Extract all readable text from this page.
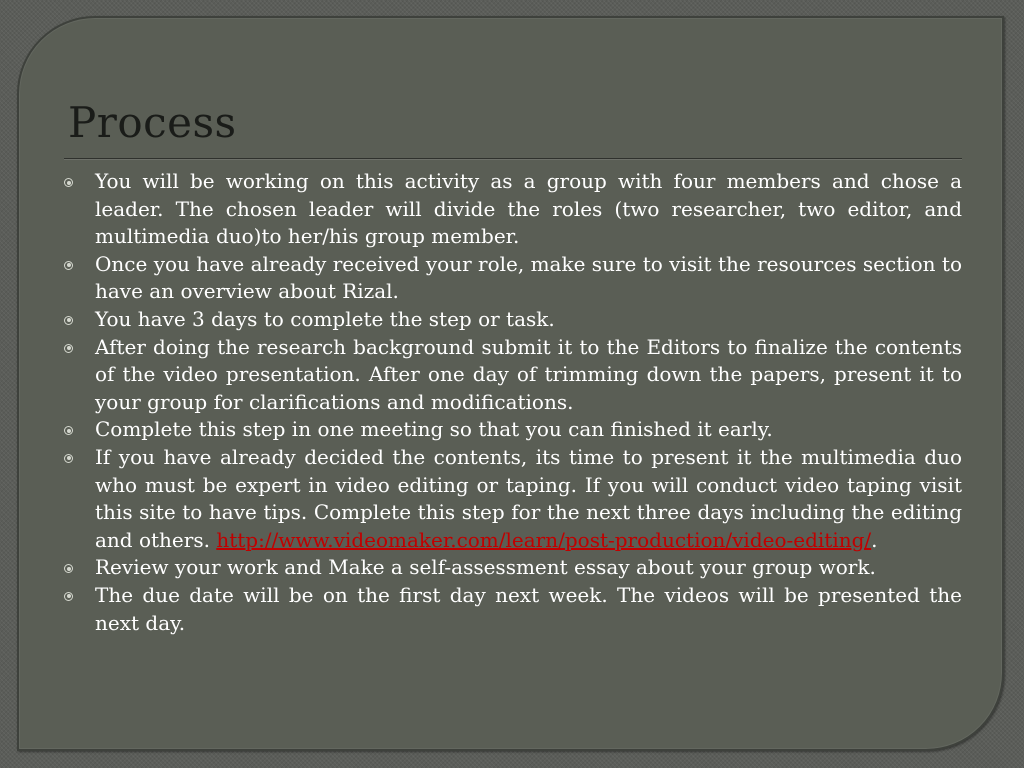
Process
You will be working on this activity as a group with four members and chose a leader. The chosen leader will divide the roles (two researcher, two editor, and multimedia duo)to her/his group member.
Once you have already received your role, make sure to visit the resources section to have an overview about Rizal.
You have 3 days to complete the step or task.
After doing the research background submit it to the Editors to finalize the contents of the video presentation. After one day of trimming down the papers, present it to your group for clarifications and modifications.
Complete this step in one meeting so that you can finished it early.
If you have already decided the contents, its time to present it the multimedia duo who must be expert in video editing or taping. If you will conduct video taping visit this site to have tips. Complete this step for the next three days including the editing and others. http://www.videomaker.com/learn/post-production/video-editing/.
Review your work and Make a self-assessment essay about your group work.
The due date will be on the first day next week. The videos will be presented the next day.
